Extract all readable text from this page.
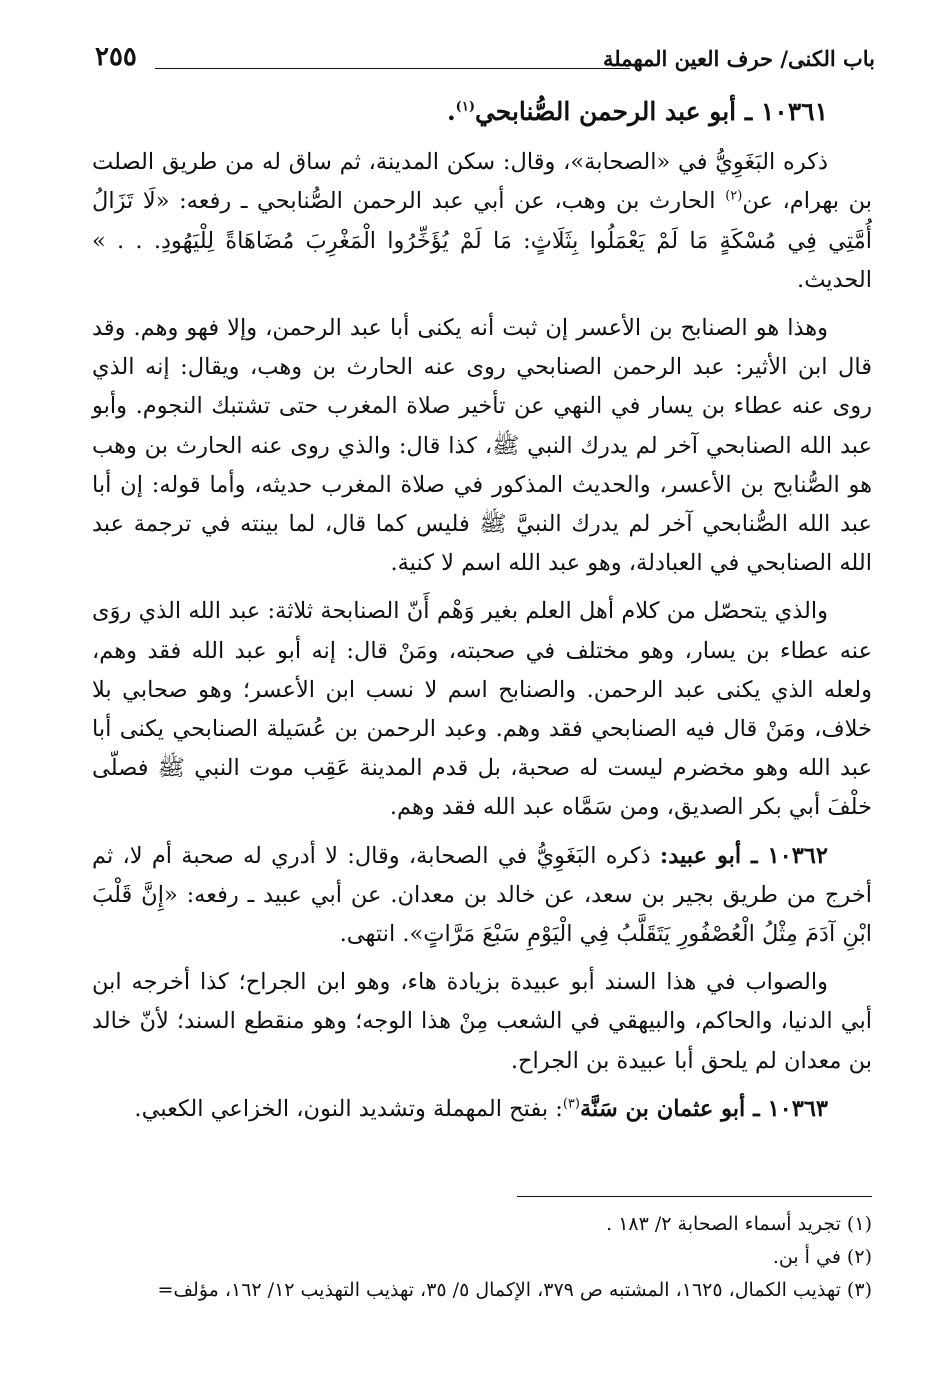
باب الكنى/ حرف العين المهملة
٢٥٥

١٠٣٦١ ـ أبو عبد الرحمن الصُّنابحي$^{(١)}$.

ذكره البَغَوِيُّ في «الصحابة»، وقال: سكن المدينة، ثم ساق له من طريق الصلت بن بهرام، عن$^{(٢)}$ الحارث بن وهب، عن أبي عبد الرحمن الصُّنابحي ـ رفعه: «لَا تَزَالُ أُمَّتِي فِي مُسْكَةٍ مَا لَمْ يَعْمَلُوا بِثَلَاثٍ: مَا لَمْ يُؤَخِّرُوا الْمَغْرِبَ مُضَاهَاةً لِلْيَهُودِ. . . » الحديث.

وهذا هو الصنابح بن الأعسر إن ثبت أنه يكنى أبا عبد الرحمن، وإلا فهو وهم. وقد قال ابن الأثير: عبد الرحمن الصنابحي روى عنه الحارث بن وهب، ويقال: إنه الذي روى عنه عطاء بن يسار في النهي عن تأخير صلاة المغرب حتى تشتبك النجوم. وأبو عبد الله الصنابحي آخر لم يدرك النبي ﷺ، كذا قال: والذي روى عنه الحارث بن وهب هو الصُّنابح بن الأعسر، والحديث المذكور في صلاة المغرب حديثه، وأما قوله: إن أبا عبد الله الصُّنابحي آخر لم يدرك النبيَّ ﷺ فليس كما قال، لما بينته في ترجمة عبد الله الصنابحي في العبادلة، وهو عبد الله اسم لا كنية.

والذي يتحصّل من كلام أهل العلم بغير وَهْم أَنّ الصنابحة ثلاثة: عبد الله الذي روَى عنه عطاء بن يسار، وهو مختلف في صحبته، ومَنْ قال: إنه أبو عبد الله فقد وهم، ولعله الذي يكنى عبد الرحمن. والصنابح اسم لا نسب ابن الأعسر؛ وهو صحابي بلا خلاف، ومَنْ قال فيه الصنابحي فقد وهم. وعبد الرحمن بن عُسَيلة الصنابحي يكنى أبا عبد الله وهو مخضرم ليست له صحبة، بل قدم المدينة عَقِب موت النبي ﷺ فصلّى خلْفَ أبي بكر الصديق، ومن سَمَّاه عبد الله فقد وهم.

١٠٣٦٢ ـ أبو عبيد: ذكره البَغَوِيُّ في الصحابة، وقال: لا أدري له صحبة أم لا، ثم أخرج من طريق بجير بن سعد، عن خالد بن معدان. عن أبي عبيد ـ رفعه: «إِنَّ قَلْبَ ابْنِ آدَمَ مِثْلُ الْعُصْفُورِ يَتَقَلَّبُ فِي الْيَوْمِ سَبْعَ مَرَّاتٍ». انتهى.

والصواب في هذا السند أبو عبيدة بزيادة هاء، وهو ابن الجراح؛ كذا أخرجه ابن أبي الدنيا، والحاكم، والبيهقي في الشعب مِنْ هذا الوجه؛ وهو منقطع السند؛ لأنّ خالد بن معدان لم يلحق أبا عبيدة بن الجراح.

١٠٣٦٣ ـ أبو عثمان بن سَنَّة$^{(٣)}$: بفتح المهملة وتشديد النون، الخزاعي الكعبي.

(١) تجريد أسماء الصحابة ٢/ ١٨٣ .
(٢) في أ بن.
(٣) تهذيب الكمال، ١٦٢٥، المشتبه ص ٣٧٩، الإكمال ٥/ ٣٥، تهذيب التهذيب ١٢/ ١٦٢، مؤلف=
